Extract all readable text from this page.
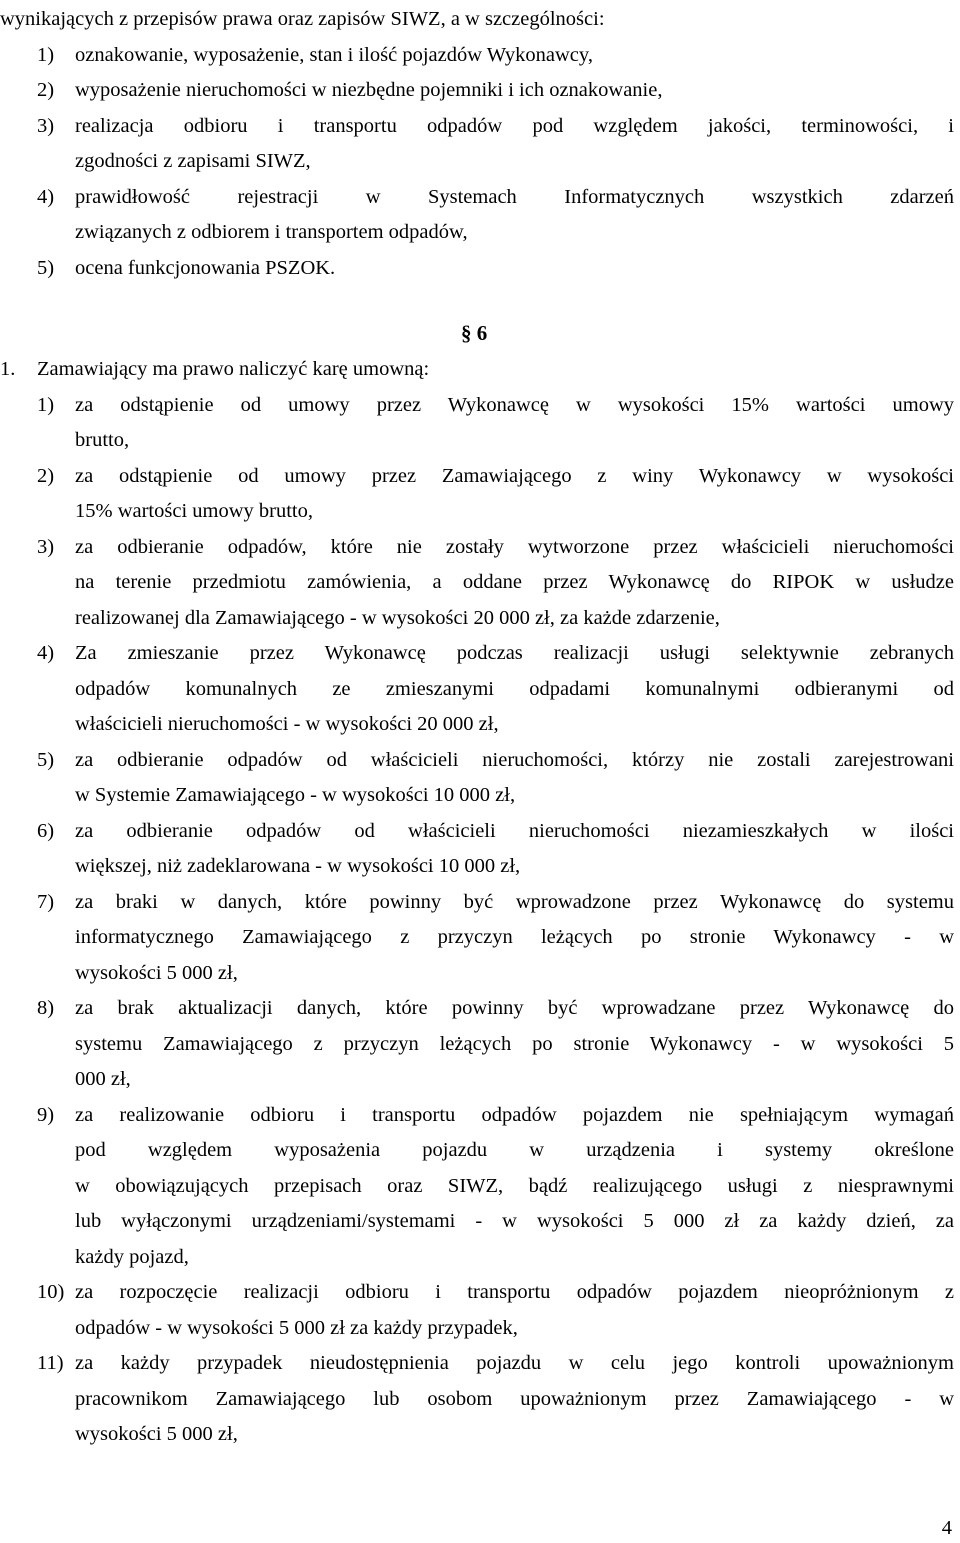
wynikających z przepisów prawa oraz zapisów SIWZ, a w szczególności:
1) oznakowanie, wyposażenie, stan i ilość pojazdów Wykonawcy,
2) wyposażenie nieruchomości w niezbędne pojemniki i ich oznakowanie,
3) realizacja odbioru i transportu odpadów pod względem jakości, terminowości, i
zgodności z zapisami SIWZ,
4) prawidłowość rejestracji w Systemach Informatycznych wszystkich zdarzeń
związanych z odbiorem i transportem odpadów,
5) ocena funkcjonowania PSZOK.
§ 6
1. Zamawiający ma prawo naliczyć karę umowną:
1) za odstąpienie od umowy przez Wykonawcę w wysokości 15% wartości umowy
brutto,
2) za odstąpienie od umowy przez Zamawiającego z winy Wykonawcy w wysokości
15% wartości umowy brutto,
3) za odbieranie odpadów, które nie zostały wytworzone przez właścicieli nieruchomości
na terenie przedmiotu zamówienia, a oddane przez Wykonawcę do RIPOK w usłudze
realizowanej dla Zamawiającego - w wysokości 20 000 zł, za każde zdarzenie,
4) Za zmieszanie przez Wykonawcę podczas realizacji usługi selektywnie zebranych
odpadów komunalnych ze zmieszanymi odpadami komunalnymi odbieranymi od
właścicieli nieruchomości - w wysokości 20 000 zł,
5) za odbieranie odpadów od właścicieli nieruchomości, którzy nie zostali zarejestrowani
w Systemie Zamawiającego - w wysokości 10 000 zł,
6) za odbieranie odpadów od właścicieli nieruchomości niezamieszkałych w ilości
większej, niż zadeklarowana - w wysokości 10 000 zł,
7) za braki w danych, które powinny być wprowadzone przez Wykonawcę do systemu
informatycznego Zamawiającego z przyczyn leżących po stronie Wykonawcy - w
wysokości 5 000 zł,
8) za brak aktualizacji danych, które powinny być wprowadzane przez Wykonawcę do
systemu Zamawiającego z przyczyn leżących po stronie Wykonawcy - w wysokości 5
000 zł,
9) za realizowanie odbioru i transportu odpadów pojazdem nie spełniającym wymagań
pod względem wyposażenia pojazdu w urządzenia i systemy określone
w obowiązujących przepisach oraz SIWZ, bądź realizującego usługi z niesprawnymi
lub wyłączonymi urządzeniami/systemami - w wysokości 5 000 zł za każdy dzień, za
każdy pojazd,
10) za rozpoczęcie realizacji odbioru i transportu odpadów pojazdem nieopróżnionym z
odpadów - w wysokości 5 000 zł za każdy przypadek,
11) za każdy przypadek nieudostępnienia pojazdu w celu jego kontroli upoważnionym
pracownikom Zamawiającego lub osobom upoważnionym przez Zamawiającego - w
wysokości 5 000 zł,
4
